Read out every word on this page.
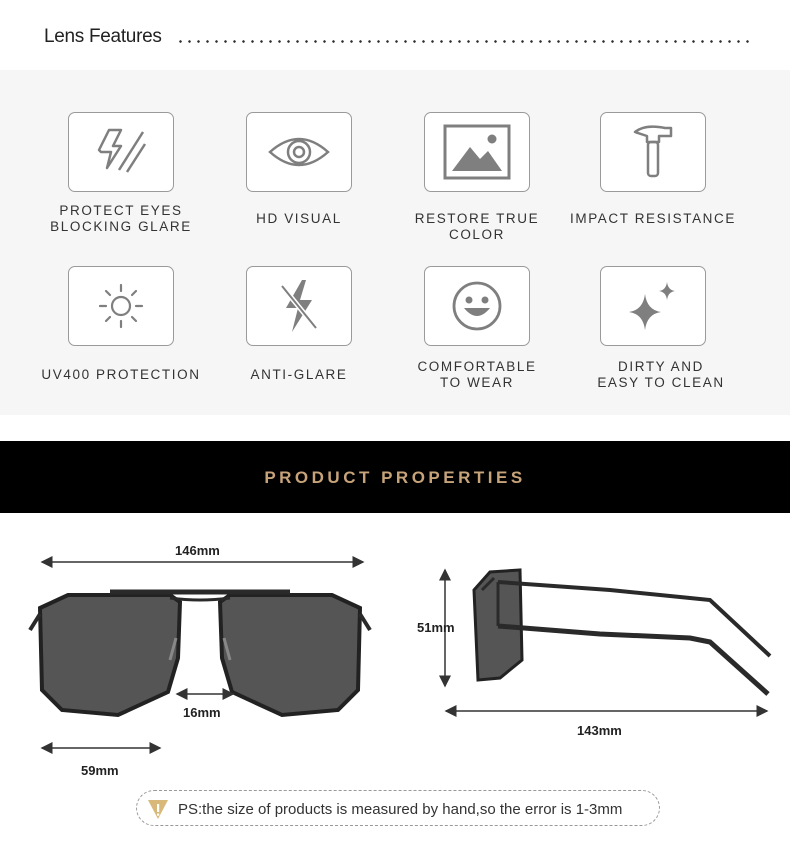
Lens Features
PROTECT EYES
BLOCKING GLARE
HD VISUAL	RESTORE TRUE COLOR
IMPACT RESISTANCE
UV400 PROTECTION	ANTI-GLARE
COMFORTABLE
TO WEAR
DIRTY AND
EASY TO CLEAN
PRODUCT PROPERTIES
146mm
16mm
59mm
51mm
143mm
PS:the size of products is measured by hand,so the error is 1-3mm
